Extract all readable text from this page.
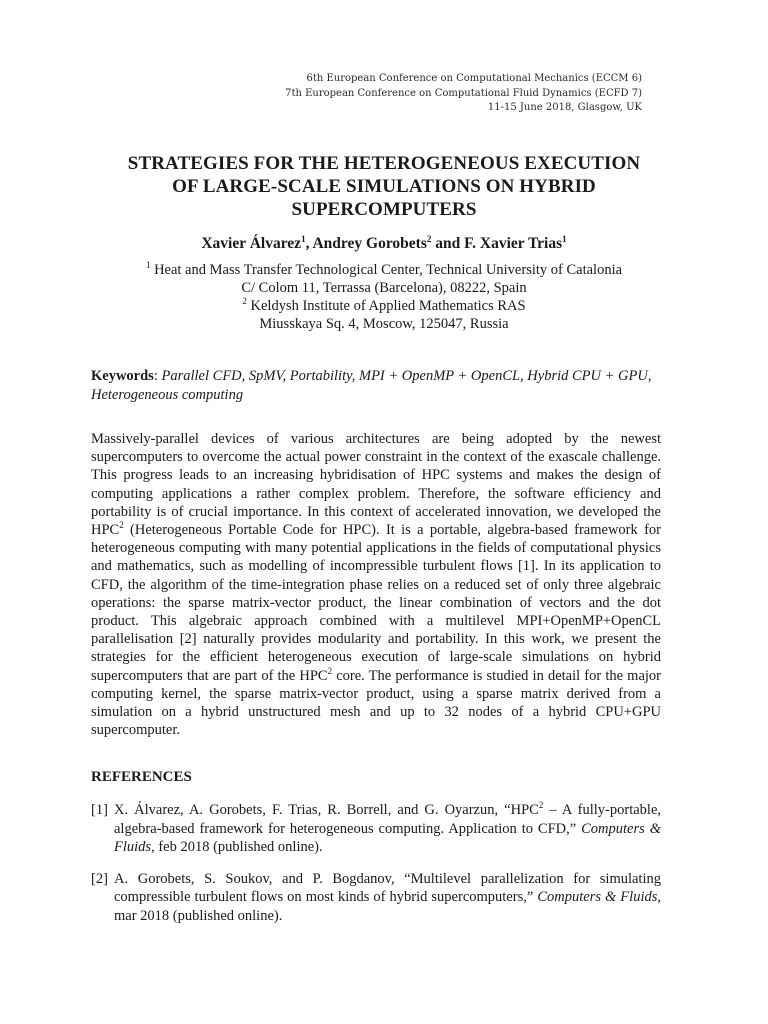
6th European Conference on Computational Mechanics (ECCM 6)
7th European Conference on Computational Fluid Dynamics (ECFD 7)
11-15 June 2018, Glasgow, UK
STRATEGIES FOR THE HETEROGENEOUS EXECUTION
OF LARGE-SCALE SIMULATIONS ON HYBRID
SUPERCOMPUTERS
Xavier Álvarez$^1$, Andrey Gorobets$^2$ and F. Xavier Trias$^1$
$^1$ Heat and Mass Transfer Technological Center, Technical University of Catalonia
C/ Colom 11, Terrassa (Barcelona), 08222, Spain
$^2$ Keldysh Institute of Applied Mathematics RAS
Miusskaya Sq. 4, Moscow, 125047, Russia
Keywords: Parallel CFD, SpMV, Portability, MPI + OpenMP + OpenCL, Hybrid CPU + GPU, Heterogeneous computing
Massively-parallel devices of various architectures are being adopted by the newest supercomputers to overcome the actual power constraint in the context of the exascale challenge. This progress leads to an increasing hybridisation of HPC systems and makes the design of computing applications a rather complex problem. Therefore, the software efficiency and portability is of crucial importance. In this context of accelerated innovation, we developed the HPC$^2$ (Heterogeneous Portable Code for HPC). It is a portable, algebra-based framework for heterogeneous computing with many potential applications in the fields of computational physics and mathematics, such as modelling of incompressible turbulent flows [1]. In its application to CFD, the algorithm of the time-integration phase relies on a reduced set of only three algebraic operations: the sparse matrix-vector product, the linear combination of vectors and the dot product. This algebraic approach combined with a multilevel MPI+OpenMP+OpenCL parallelisation [2] naturally provides modularity and portability. In this work, we present the strategies for the efficient heterogeneous execution of large-scale simulations on hybrid supercomputers that are part of the HPC$^2$ core. The performance is studied in detail for the major computing kernel, the sparse matrix-vector product, using a sparse matrix derived from a simulation on a hybrid unstructured mesh and up to 32 nodes of a hybrid CPU+GPU supercomputer.
REFERENCES
[1] X. Álvarez, A. Gorobets, F. Trias, R. Borrell, and G. Oyarzun, “HPC$^2$ – A fully-portable, algebra-based framework for heterogeneous computing. Application to CFD,” Computers & Fluids, feb 2018 (published online).
[2] A. Gorobets, S. Soukov, and P. Bogdanov, “Multilevel parallelization for simulating compressible turbulent flows on most kinds of hybrid supercomputers,” Computers & Fluids, mar 2018 (published online).
